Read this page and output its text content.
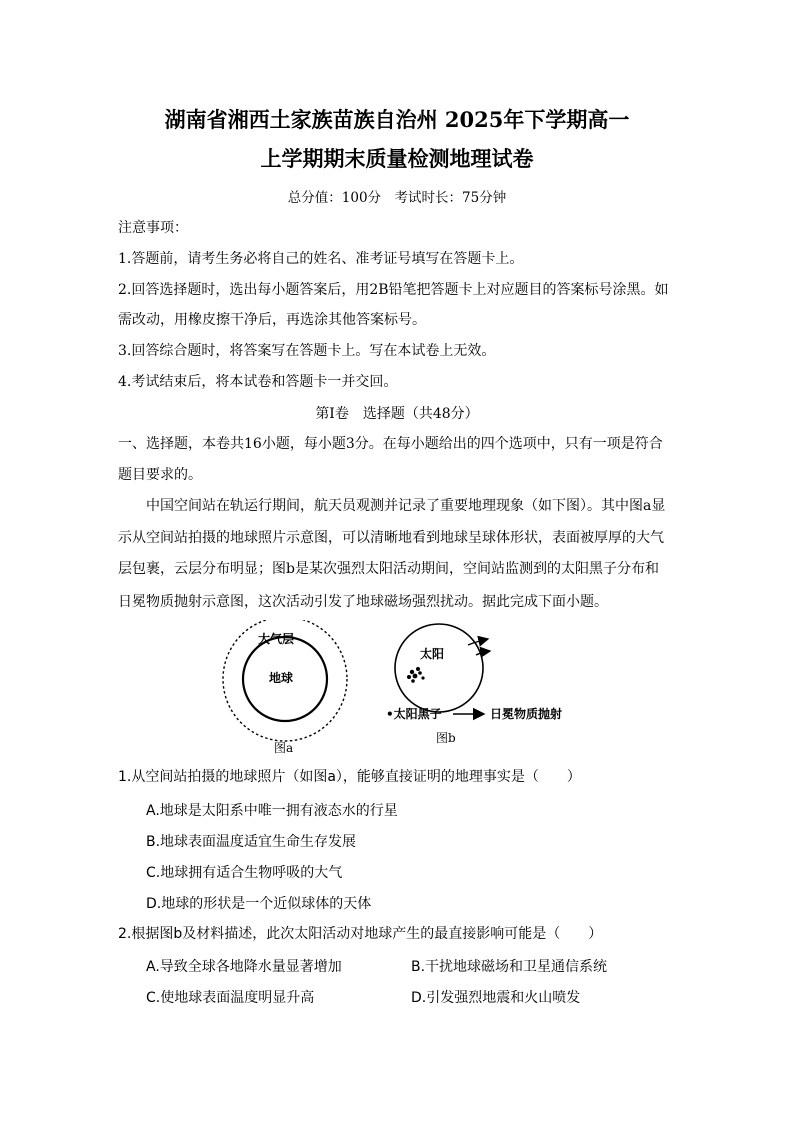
湖南省湘西土家族苗族自治州 2025年下学期高一
上学期期末质量检测地理试卷
总分值：100分　考试时长：75分钟
注意事项：
1.答题前，请考生务必将自己的姓名、准考证号填写在答题卡上。
2.回答选择题时，选出每小题答案后，用2B铅笔把答题卡上对应题目的答案标号涂黑。如
需改动，用橡皮擦干净后，再选涂其他答案标号。
3.回答综合题时，将答案写在答题卡上。写在本试卷上无效。
4.考试结束后，将本试卷和答题卡一并交回。
第Ⅰ卷　选择题（共48分）
一、选择题，本卷共16小题，每小题3分。在每小题给出的四个选项中，只有一项是符合
题目要求的。
中国空间站在轨运行期间，航天员观测并记录了重要地理现象（如下图）。其中图a显
示从空间站拍摄的地球照片示意图，可以清晰地看到地球呈球体形状，表面被厚厚的大气
层包裹，云层分布明显；图b是某次强烈太阳活动期间，空间站监测到的太阳黑子分布和
日冕物质抛射示意图，这次活动引发了地球磁场强烈扰动。据此完成下面小题。
大气层
地球
图a
太阳
•太阳黑子	日冕物质抛射
图b
1.从空间站拍摄的地球照片（如图a），能够直接证明的地理事实是（　　）
A.地球是太阳系中唯一拥有液态水的行星
B.地球表面温度适宜生命生存发展
C.地球拥有适合生物呼吸的大气
D.地球的形状是一个近似球体的天体
2.根据图b及材料描述，此次太阳活动对地球产生的最直接影响可能是（　　）
A.导致全球各地降水量显著增加	B.干扰地球磁场和卫星通信系统
C.使地球表面温度明显升高	D.引发强烈地震和火山喷发
